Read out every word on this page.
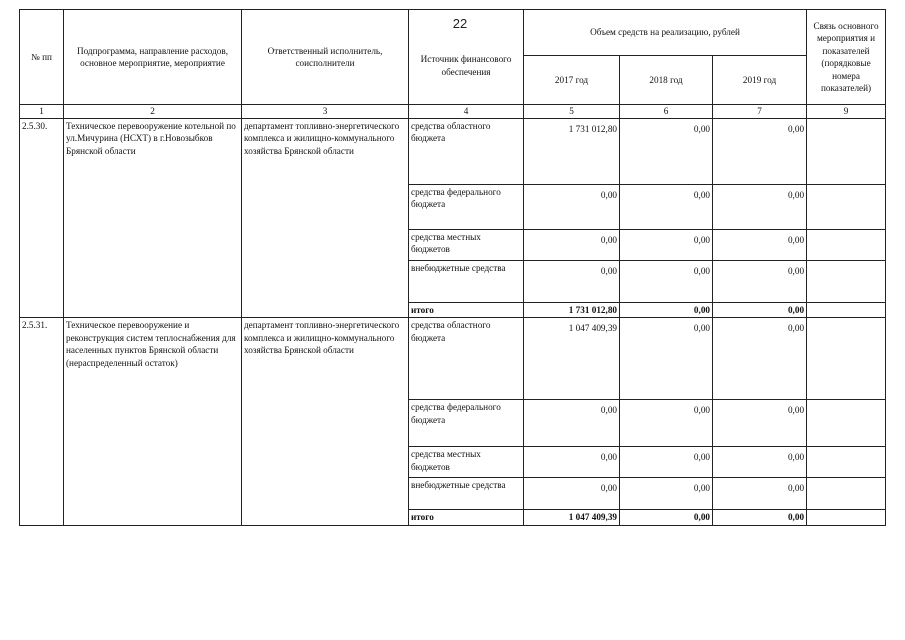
22
№ пп	Подпрограмма, направление расходов, основное мероприятие, мероприятие	Ответственный исполнитель, соисполнители	Источник финансового обеспечения	Объем средств на реализацию, рублей			Связь основного мероприятия и показателей (порядковые номера показателей)
				2017 год	2018 год	2019 год	
1	2	3	4	5	6	7	9
2.5.30.	Техническое перевооружение котельной по ул.Мичурина (НСХТ) в г.Новозыбков Брянской области	департамент топливно-энергетического комплекса и жилищно-коммунального хозяйства Брянской области	средства областного бюджета	1 731 012,80	0,00	0,00	
			средства федерального бюджета	0,00	0,00	0,00	
			средства местных бюджетов	0,00	0,00	0,00	
			внебюджетные средства	0,00	0,00	0,00	
			итого	1 731 012,80	0,00	0,00	
2.5.31.	Техническое перевооружение и реконструкция систем теплоснабжения для населенных пунктов Брянской области (нераспределенный остаток)	департамент топливно-энергетического комплекса и жилищно-коммунального хозяйства Брянской области	средства областного бюджета	1 047 409,39	0,00	0,00	
			средства федерального бюджета	0,00	0,00	0,00	
			средства местных бюджетов	0,00	0,00	0,00	
			внебюджетные средства	0,00	0,00	0,00	
			итого	1 047 409,39	0,00	0,00	
